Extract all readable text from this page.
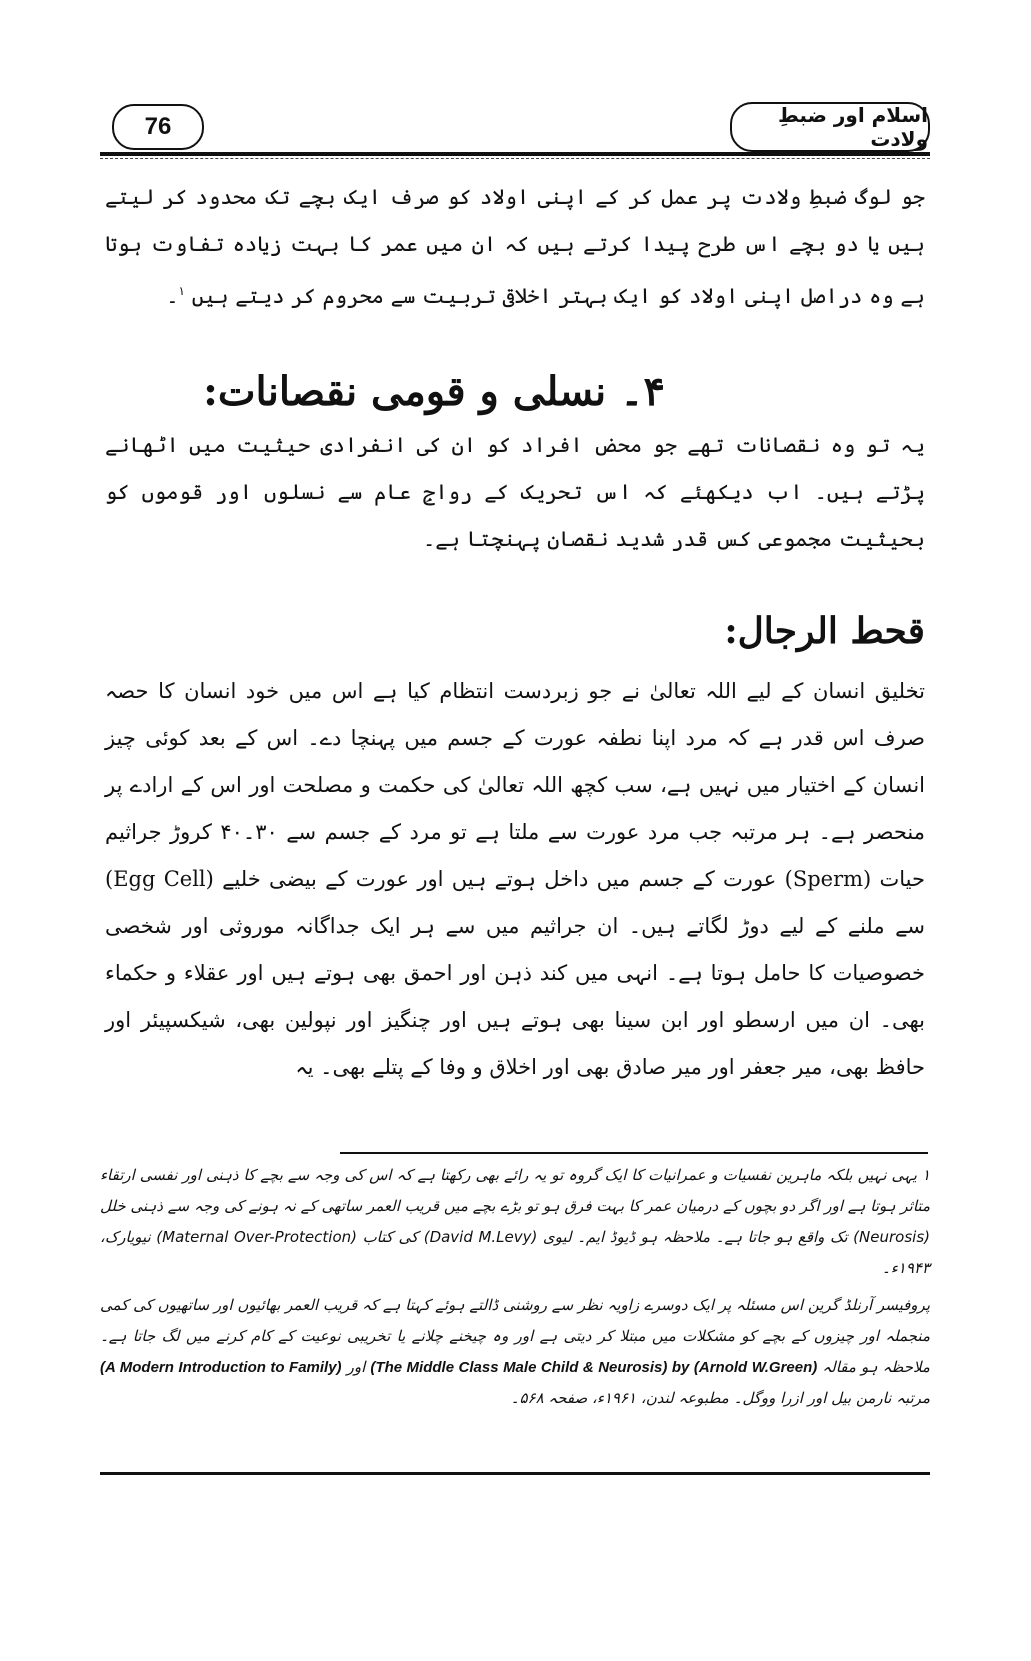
76	اسلام اور ضبطِ ولادت

جو لوگ ضبطِ ولادت پر عمل کر کے اپنی اولاد کو صرف ایک بچے تک محدود کر لیتے ہیں یا دو بچے اس طرح پیدا کرتے ہیں کہ ان میں عمر کا بہت زیادہ تفاوت ہوتا ہے وہ دراصل اپنی اولاد کو ایک بہتر اخلاقی تربیت سے محروم کر دیتے ہیں $^۱$۔

۴۔ نسلی و قومی نقصانات:

یہ تو وہ نقصانات تھے جو محض افراد کو ان کی انفرادی حیثیت میں اٹھانے پڑتے ہیں۔ اب دیکھئے کہ اس تحریک کے رواجِ عام سے نسلوں اور قوموں کو بحیثیت مجموعی کس قدر شدید نقصان پہنچتا ہے۔

قحط الرجال:

تخلیق انسان کے لیے اللہ تعالیٰ نے جو زبردست انتظام کیا ہے اس میں خود انسان کا حصہ صرف اس قدر ہے کہ مرد اپنا نطفہ عورت کے جسم میں پہنچا دے۔ اس کے بعد کوئی چیز انسان کے اختیار میں نہیں ہے، سب کچھ اللہ تعالیٰ کی حکمت و مصلحت اور اس کے ارادے پر منحصر ہے۔ ہر مرتبہ جب مرد عورت سے ملتا ہے تو مرد کے جسم سے ۳۰۔۴۰ کروڑ جراثیم حیات (Sperm) عورت کے جسم میں داخل ہوتے ہیں اور عورت کے بیضی خلیے (Egg Cell) سے ملنے کے لیے دوڑ لگاتے ہیں۔ ان جراثیم میں سے ہر ایک جداگانہ موروثی اور شخصی خصوصیات کا حامل ہوتا ہے۔ انہی میں کند ذہن اور احمق بھی ہوتے ہیں اور عقلاء و حکماء بھی۔ ان میں ارسطو اور ابن سینا بھی ہوتے ہیں اور چنگیز اور نپولین بھی، شیکسپیئر اور حافظ بھی، میر جعفر اور میر صادق بھی اور اخلاق و وفا کے پتلے بھی۔ یہ

۱ یہی نہیں بلکہ ماہرین نفسیات و عمرانیات کا ایک گروہ تو یہ رائے بھی رکھتا ہے کہ اس کی وجہ سے بچے کا ذہنی اور نفسی ارتقاء متاثر ہوتا ہے اور اگر دو بچوں کے درمیان عمر کا بہت فرق ہو تو بڑے بچے میں قریب العمر ساتھی کے نہ ہونے کی وجہ سے ذہنی خلل (Neurosis) تک واقع ہو جاتا ہے۔ ملاحظہ ہو ڈیوڈ ایم۔ لیوی (David M.Levy) کی کتاب (Maternal Over-Protection) نیویارک، ۱۹۴۳ء۔

پروفیسر آرنلڈ گرین اس مسئلہ پر ایک دوسرے زاویہ نظر سے روشنی ڈالتے ہوئے کہتا ہے کہ قریب العمر بھائیوں اور ساتھیوں کی کمی منجملہ اور چیزوں کے بچے کو مشکلات میں مبتلا کر دیتی ہے اور وہ چیخنے چلانے یا تخریبی نوعیت کے کام کرنے میں لگ جاتا ہے۔ ملاحظہ ہو مقالہ (The Middle Class Male Child & Neurosis) by (Arnold W.Green) اور (A Modern Introduction to Family) مرتبہ نارمن بیل اور ازرا ووگل۔ مطبوعہ لندن، ۱۹۶۱ء، صفحہ ۵۶۸۔
